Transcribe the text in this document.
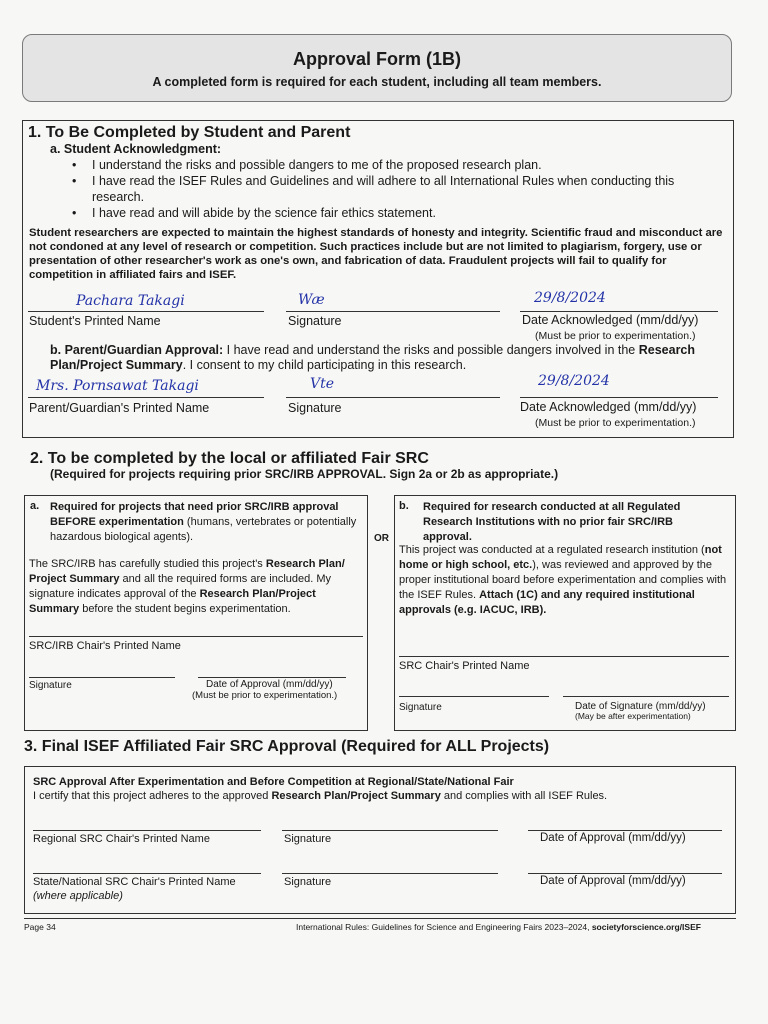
Approval Form (1B)
A completed form is required for each student, including all team members.
1. To Be Completed by Student and Parent
a. Student Acknowledgment:
• I understand the risks and possible dangers to me of the proposed research plan.
• I have read the ISEF Rules and Guidelines and will adhere to all International Rules when conducting this research.
• I have read and will abide by the science fair ethics statement.
Student researchers are expected to maintain the highest standards of honesty and integrity. Scientific fraud and misconduct are not condoned at any level of research or competition. Such practices include but are not limited to plagiarism, forgery, use or presentation of other researcher's work as one's own, and fabrication of data. Fraudulent projects will fail to qualify for competition in affiliated fairs and ISEF.
Pachara Takagi	Wæ	29/8/2024
Student's Printed Name	Signature	Date Acknowledged (mm/dd/yy)
(Must be prior to experimentation.)
b. Parent/Guardian Approval: I have read and understand the risks and possible dangers involved in the Research Plan/Project Summary. I consent to my child participating in this research.
Mrs. Pornsawat Takagi	Vte	29/8/2024
Parent/Guardian's Printed Name	Signature	Date Acknowledged (mm/dd/yy)
(Must be prior to experimentation.)
2. To be completed by the local or affiliated Fair SRC
(Required for projects requiring prior SRC/IRB APPROVAL. Sign 2a or 2b as appropriate.)
a. Required for projects that need prior SRC/IRB approval BEFORE experimentation (humans, vertebrates or potentially hazardous biological agents).
The SRC/IRB has carefully studied this project's Research Plan/ Project Summary and all the required forms are included. My signature indicates approval of the Research Plan/Project Summary before the student begins experimentation.
SRC/IRB Chair's Printed Name
Signature	Date of Approval (mm/dd/yy)
(Must be prior to experimentation.)
OR
b. Required for research conducted at all Regulated Research Institutions with no prior fair SRC/IRB approval.
This project was conducted at a regulated research institution (not home or high school, etc.), was reviewed and approved by the proper institutional board before experimentation and complies with the ISEF Rules. Attach (1C) and any required institutional approvals (e.g. IACUC, IRB).
SRC Chair's Printed Name
Signature	Date of Signature (mm/dd/yy)
(May be after experimentation)
3. Final ISEF Affiliated Fair SRC Approval (Required for ALL Projects)
SRC Approval After Experimentation and Before Competition at Regional/State/National Fair
I certify that this project adheres to the approved Research Plan/Project Summary and complies with all ISEF Rules.
Regional SRC Chair's Printed Name	Signature	Date of Approval (mm/dd/yy)
State/National SRC Chair's Printed Name
(where applicable)
Signature	Date of Approval (mm/dd/yy)
Page 34	International Rules: Guidelines for Science and Engineering Fairs 2023–2024, societyforscience.org/ISEF
